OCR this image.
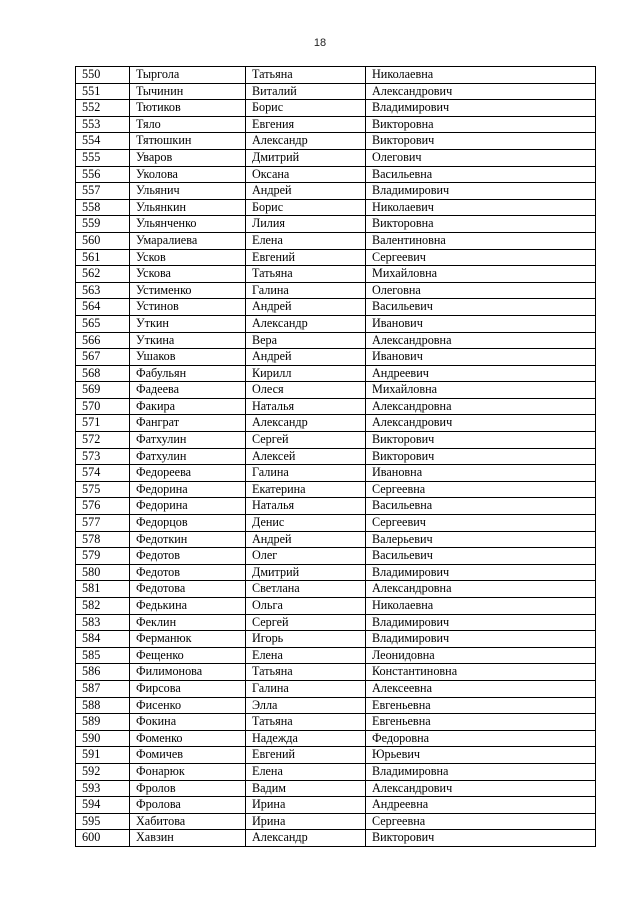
18
550	Тыргола	Татьяна	Николаевна
551	Тычинин	Виталий	Александрович
552	Тютиков	Борис	Владимирович
553	Тяло	Евгения	Викторовна
554	Тятюшкин	Александр	Викторович
555	Уваров	Дмитрий	Олегович
556	Уколова	Оксана	Васильевна
557	Ульянич	Андрей	Владимирович
558	Ульянкин	Борис	Николаевич
559	Ульянченко	Лилия	Викторовна
560	Умаралиева	Елена	Валентиновна
561	Усков	Евгений	Сергеевич
562	Ускова	Татьяна	Михайловна
563	Устименко	Галина	Олеговна
564	Устинов	Андрей	Васильевич
565	Уткин	Александр	Иванович
566	Уткина	Вера	Александровна
567	Ушаков	Андрей	Иванович
568	Фабульян	Кирилл	Андреевич
569	Фадеева	Олеся	Михайловна
570	Факира	Наталья	Александровна
571	Фанграт	Александр	Александрович
572	Фатхулин	Сергей	Викторович
573	Фатхулин	Алексей	Викторович
574	Федореева	Галина	Ивановна
575	Федорина	Екатерина	Сергеевна
576	Федорина	Наталья	Васильевна
577	Федорцов	Денис	Сергеевич
578	Федоткин	Андрей	Валерьевич
579	Федотов	Олег	Васильевич
580	Федотов	Дмитрий	Владимирович
581	Федотова	Светлана	Александровна
582	Федькина	Ольга	Николаевна
583	Феклин	Сергей	Владимирович
584	Ферманюк	Игорь	Владимирович
585	Фещенко	Елена	Леонидовна
586	Филимонова	Татьяна	Константиновна
587	Фирсова	Галина	Алексеевна
588	Фисенко	Элла	Евгеньевна
589	Фокина	Татьяна	Евгеньевна
590	Фоменко	Надежда	Федоровна
591	Фомичев	Евгений	Юрьевич
592	Фонарюк	Елена	Владимировна
593	Фролов	Вадим	Александрович
594	Фролова	Ирина	Андреевна
595	Хабитова	Ирина	Сергеевна
600	Хавзин	Александр	Викторович
